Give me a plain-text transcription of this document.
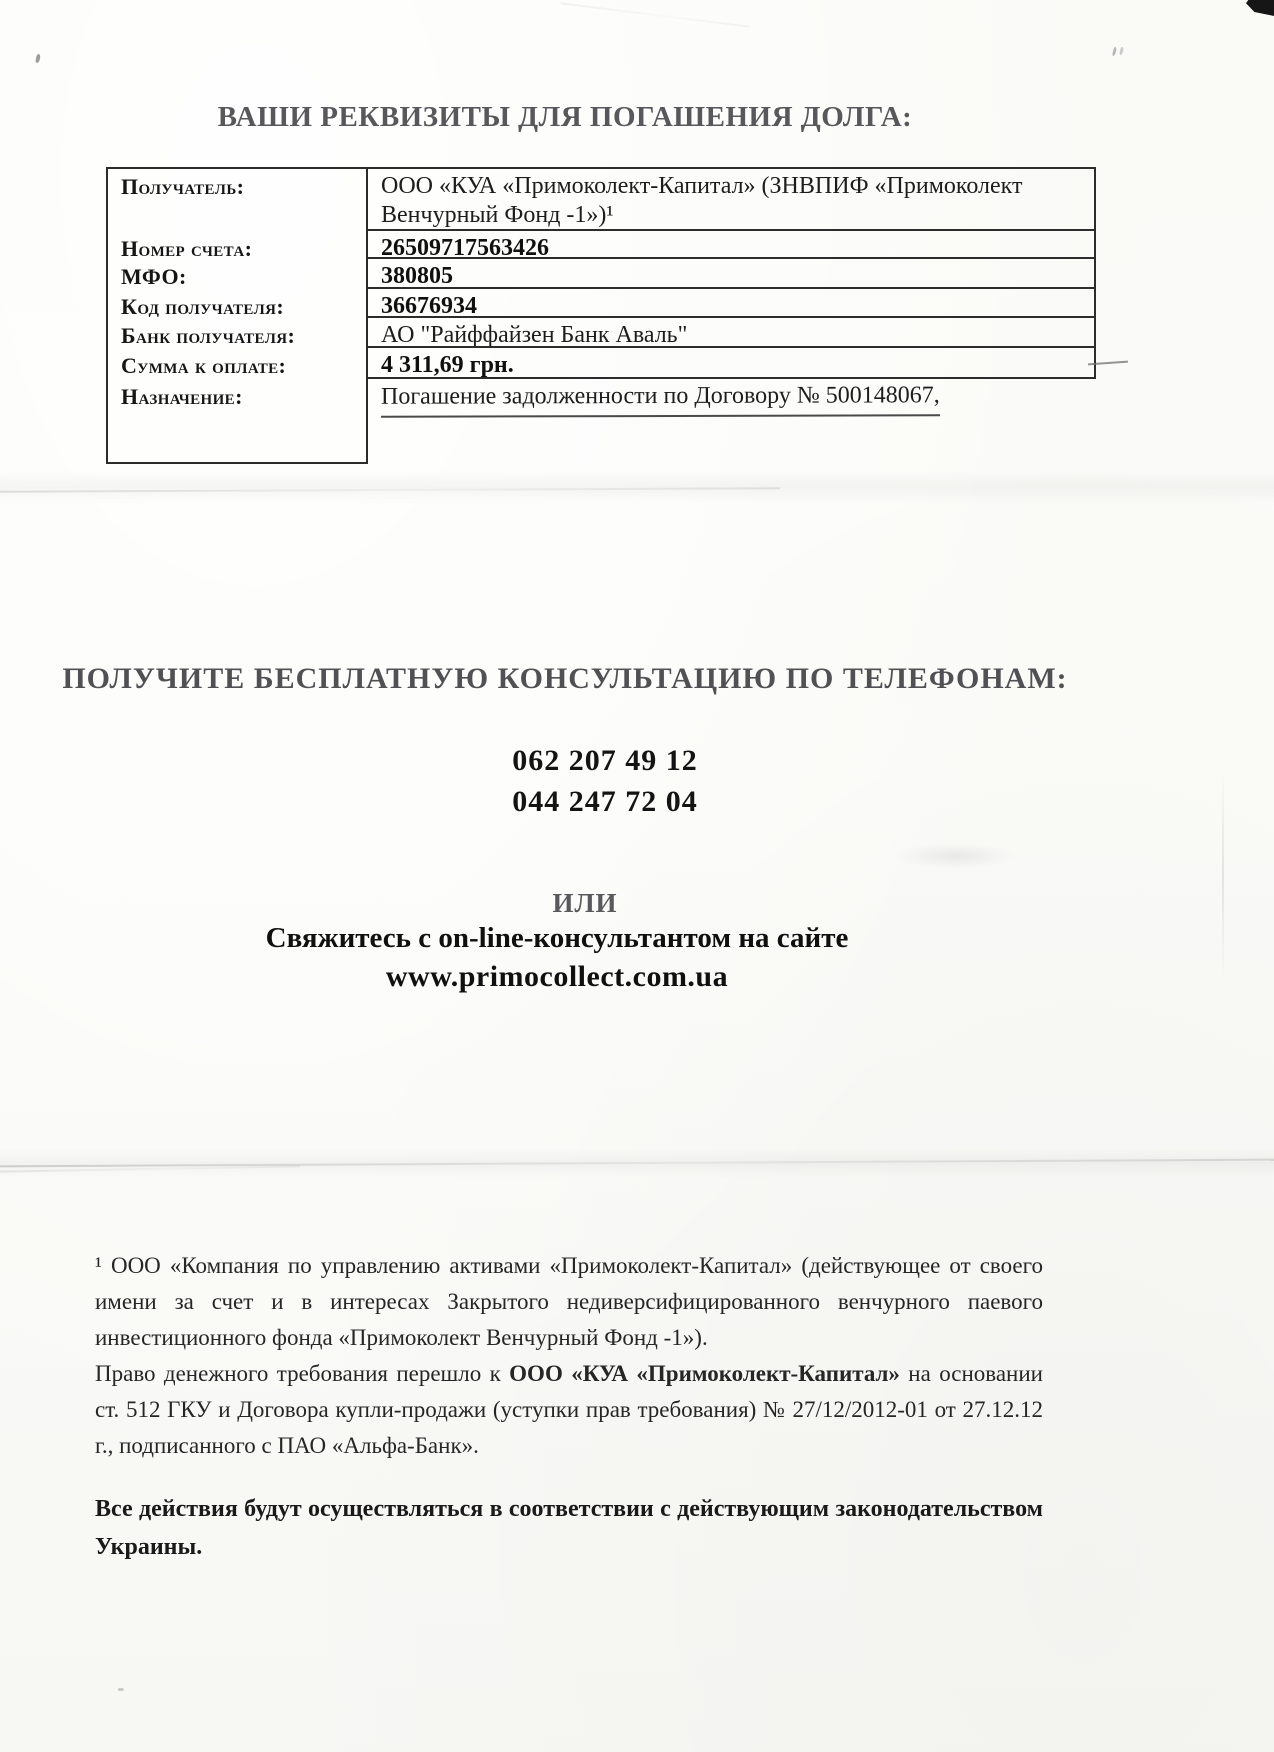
ВАШИ РЕКВИЗИТЫ ДЛЯ ПОГАШЕНИЯ ДОЛГА:
Получатель:	ООО «КУА «Примоколект-Капитал» (ЗНВПИФ «Примоколект Венчурный Фонд -1»)¹
Номер счета:	26509717563426
МФО:	380805
Код получателя:	36676934
Банк получателя:	АО "Райффайзен Банк Аваль"
Сумма к оплате:	4 311,69 грн.
Назначение:	Погашение задолженности по Договору № 500148067,
ПОЛУЧИТЕ БЕСПЛАТНУЮ КОНСУЛЬТАЦИЮ ПО ТЕЛЕФОНАМ:
062 207 49 12
044 247 72 04
ИЛИ
Свяжитесь с on-line-консультантом на сайте
www.primocollect.com.ua

¹ ООО «Компания по управлению активами «Примоколект-Капитал» (действующее от своего имени за счет и в интересах Закрытого недиверсифицированного венчурного паевого инвестиционного фонда «Примоколект Венчурный Фонд -1»).

Право денежного требования перешло к ООО «КУА «Примоколект-Капитал» на основании ст. 512 ГКУ и Договора купли-продажи (уступки прав требования) № 27/12/2012-01 от 27.12.12 г., подписанного с ПАО «Альфа-Банк».

Все действия будут осуществляться в соответствии с действующим законодательством Украины.
